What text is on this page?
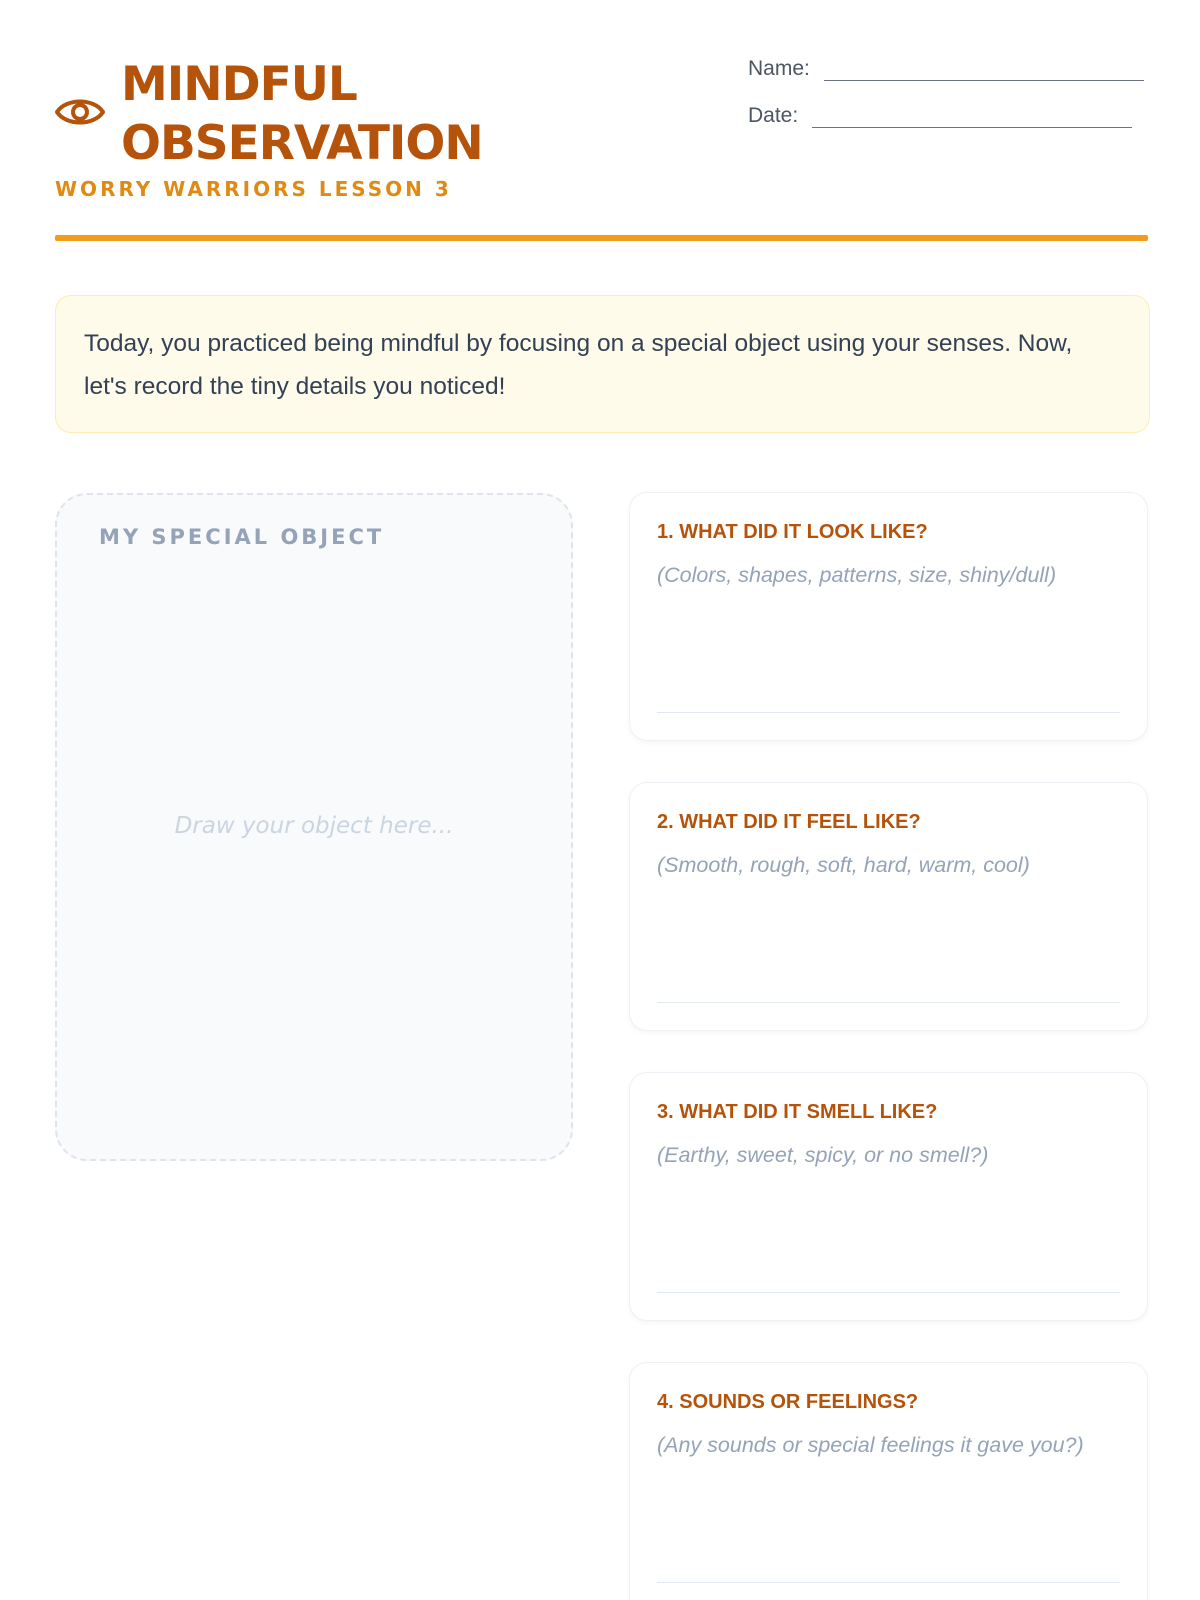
MINDFUL
OBSERVATION

WORRY WARRIORS LESSON 3

Name:
Date:
Today, you practiced being mindful by focusing on a special object using your senses. Now, let's record the tiny details you noticed!
MY SPECIAL OBJECT
Draw your object here...

1. WHAT DID IT LOOK LIKE?

(Colors, shapes, patterns, size, shiny/dull)

2. WHAT DID IT FEEL LIKE?

(Smooth, rough, soft, hard, warm, cool)

3. WHAT DID IT SMELL LIKE?

(Earthy, sweet, spicy, or no smell?)

4. SOUNDS OR FEELINGS?

(Any sounds or special feelings it gave you?)
